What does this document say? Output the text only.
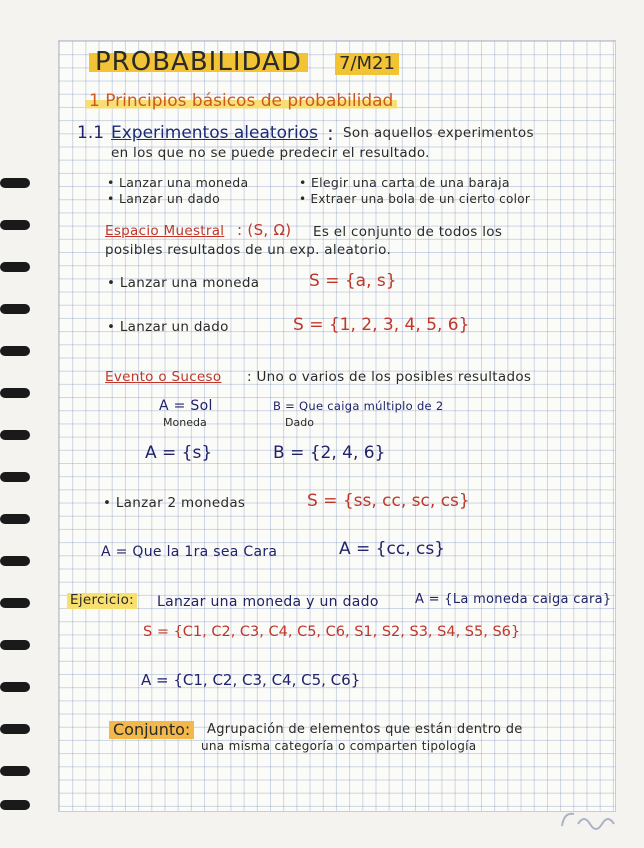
PROBABILIDAD	7/M21
1 Principios básicos de probabilidad
1.1 Experimentos aleatorios : Son aquellos experimentos
en los que no se puede predecir el resultado.
• Lanzar una moneda
• Lanzar un dado
• Elegir una carta de una baraja
• Extraer una bola de un cierto color
Espacio Muestral : (S, Ω) Es el conjunto de todos los
posibles resultados de un exp. aleatorio.
• Lanzar una moneda	S = {a, s}
• Lanzar un dado	S = {1, 2, 3, 4, 5, 6}
Evento o Suceso : Uno o varios de los posibles resultados
A = Sol
Moneda
B = Que caiga múltiplo de 2
Dado
A = {s}	B = {2, 4, 6}
• Lanzar 2 monedas	S = {ss, cc, sc, cs}
A = Que la 1ra sea Cara	A = {cc, cs}
Ejercicio: Lanzar una moneda y un dado	A = {La moneda caiga cara}
S = {C1, C2, C3, C4, C5, C6, S1, S2, S3, S4, S5, S6}
A = {C1, C2, C3, C4, C5, C6}
Conjunto:	Agrupación de elementos que están dentro de
una misma categoría o comparten tipología
